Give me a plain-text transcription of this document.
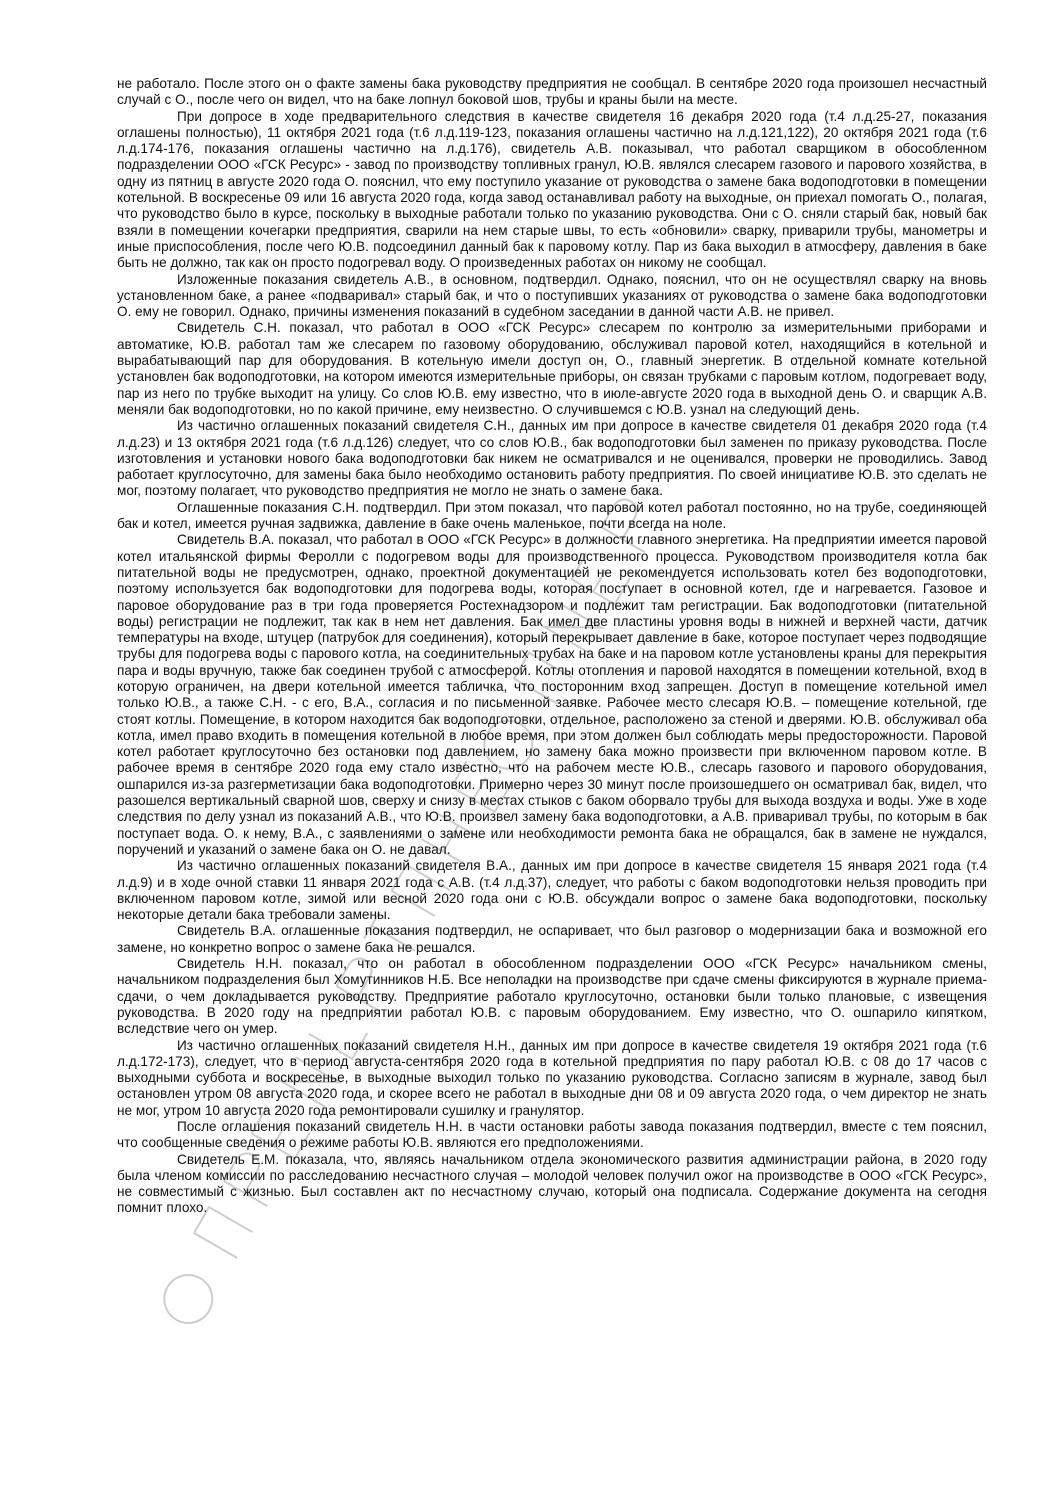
не работало. После этого он о факте замены бака руководству предприятия не сообщал. В сентябре 2020 года произошел несчастный случай с О., после чего он видел, что на баке лопнул боковой шов, трубы и краны были на месте.

При допросе в ходе предварительного следствия в качестве свидетеля 16 декабря 2020 года (т.4 л.д.25-27, показания оглашены полностью), 11 октября 2021 года (т.6 л.д.119-123, показания оглашены частично на л.д.121,122), 20 октября 2021 года (т.6 л.д.174-176, показания оглашены частично на л.д.176), свидетель А.В. показывал, что работал сварщиком в обособленном подразделении ООО «ГСК Ресурс» - завод по производству топливных гранул, Ю.В. являлся слесарем газового и парового хозяйства, в одну из пятниц в августе 2020 года О. пояснил, что ему поступило указание от руководства о замене бака водоподготовки в помещении котельной. В воскресенье 09 или 16 августа 2020 года, когда завод останавливал работу на выходные, он приехал помогать О., полагая, что руководство было в курсе, поскольку в выходные работали только по указанию руководства. Они с О. сняли старый бак, новый бак взяли в помещении кочегарки предприятия, сварили на нем старые швы, то есть «обновили» сварку, приварили трубы, манометры и иные приспособления, после чего Ю.В. подсоединил данный бак к паровому котлу. Пар из бака выходил в атмосферу, давления в баке быть не должно, так как он просто подогревал воду. О произведенных работах он никому не сообщал.

Изложенные показания свидетель А.В., в основном, подтвердил. Однако, пояснил, что он не осуществлял сварку на вновь установленном баке, а ранее «подваривал» старый бак, и что о поступивших указаниях от руководства о замене бака водоподготовки О. ему не говорил. Однако, причины изменения показаний в судебном заседании в данной части А.В. не привел.

Свидетель С.Н. показал, что работал в ООО «ГСК Ресурс» слесарем по контролю за измерительными приборами и автоматике, Ю.В. работал там же слесарем по газовому оборудованию, обслуживал паровой котел, находящийся в котельной и вырабатывающий пар для оборудования. В котельную имели доступ он, О., главный энергетик. В отдельной комнате котельной установлен бак водоподготовки, на котором имеются измерительные приборы, он связан трубками с паровым котлом, подогревает воду, пар из него по трубке выходит на улицу. Со слов Ю.В. ему известно, что в июле-августе 2020 года в выходной день О. и сварщик А.В. меняли бак водоподготовки, но по какой причине, ему неизвестно. О случившемся с Ю.В. узнал на следующий день.

Из частично оглашенных показаний свидетеля С.Н., данных им при допросе в качестве свидетеля 01 декабря 2020 года (т.4 л.д.23) и 13 октября 2021 года (т.6 л.д.126) следует, что со слов Ю.В., бак водоподготовки был заменен по приказу руководства. После изготовления и установки нового бака водоподготовки бак никем не осматривался и не оценивался, проверки не проводились. Завод работает круглосуточно, для замены бака было необходимо остановить работу предприятия. По своей инициативе Ю.В. это сделать не мог, поэтому полагает, что руководство предприятия не могло не знать о замене бака.

Оглашенные показания С.Н. подтвердил. При этом показал, что паровой котел работал постоянно, но на трубе, соединяющей бак и котел, имеется ручная задвижка, давление в баке очень маленькое, почти всегда на ноле.

Свидетель В.А. показал, что работал в ООО «ГСК Ресурс» в должности главного энергетика. На предприятии имеется паровой котел итальянской фирмы Феролли с подогревом воды для производственного процесса. Руководством производителя котла бак питательной воды не предусмотрен, однако, проектной документацией не рекомендуется использовать котел без водоподготовки, поэтому используется бак водоподготовки для подогрева воды, которая поступает в основной котел, где и нагревается. Газовое и паровое оборудование раз в три года проверяется Ростехнадзором и подлежит там регистрации. Бак водоподготовки (питательной воды) регистрации не подлежит, так как в нем нет давления. Бак имел две пластины уровня воды в нижней и верхней части, датчик температуры на входе, штуцер (патрубок для соединения), который перекрывает давление в баке, которое поступает через подводящие трубы для подогрева воды с парового котла, на соединительных трубах на баке и на паровом котле установлены краны для перекрытия пара и воды вручную, также бак соединен трубой с атмосферой. Котлы отопления и паровой находятся в помещении котельной, вход в которую ограничен, на двери котельной имеется табличка, что посторонним вход запрещен. Доступ в помещение котельной имел только Ю.В., а также С.Н. - с его, В.А., согласия и по письменной заявке. Рабочее место слесаря Ю.В. – помещение котельной, где стоят котлы. Помещение, в котором находится бак водоподготовки, отдельное, расположено за стеной и дверями. Ю.В. обслуживал оба котла, имел право входить в помещения котельной в любое время, при этом должен был соблюдать меры предосторожности. Паровой котел работает круглосуточно без остановки под давлением, но замену бака можно произвести при включенном паровом котле. В рабочее время в сентябре 2020 года ему стало известно, что на рабочем месте Ю.В., слесарь газового и парового оборудования, ошпарился из-за разгерметизации бака водоподготовки. Примерно через 30 минут после произошедшего он осматривал бак, видел, что разошелся вертикальный сварной шов, сверху и снизу в местах стыков с баком оборвало трубы для выхода воздуха и воды. Уже в ходе следствия по делу узнал из показаний А.В., что Ю.В. произвел замену бака водоподготовки, а А.В. приваривал трубы, по которым в бак поступает вода. О. к нему, В.А., с заявлениями о замене или необходимости ремонта бака не обращался, бак в замене не нуждался, поручений и указаний о замене бака он О. не давал.

Из частично оглашенных показаний свидетеля В.А., данных им при допросе в качестве свидетеля 15 января 2021 года (т.4 л.д.9) и в ходе очной ставки 11 января 2021 года с А.В. (т.4 л.д.37), следует, что работы с баком водоподготовки нельзя проводить при включенном паровом котле, зимой или весной 2020 года они с Ю.В. обсуждали вопрос о замене бака водоподготовки, поскольку некоторые детали бака требовали замены.

Свидетель В.А. оглашенные показания подтвердил, не оспаривает, что был разговор о модернизации бака и возможной его замене, но конкретно вопрос о замене бака не решался.

Свидетель Н.Н. показал, что он работал в обособленном подразделении ООО «ГСК Ресурс» начальником смены, начальником подразделения был Хомутинников Н.Б. Все неполадки на производстве при сдаче смены фиксируются в журнале приема-сдачи, о чем докладывается руководству. Предприятие работало круглосуточно, остановки были только плановые, с извещения руководства. В 2020 году на предприятии работал Ю.В. с паровым оборудованием. Ему известно, что О. ошпарило кипятком, вследствие чего он умер.

Из частично оглашенных показаний свидетеля Н.Н., данных им при допросе в качестве свидетеля 19 октября 2021 года (т.6 л.д.172-173), следует, что в период августа-сентября 2020 года в котельной предприятия по пару работал Ю.В. с 08 до 17 часов с выходными суббота и воскресенье, в выходные выходил только по указанию руководства. Согласно записям в журнале, завод был остановлен утром 08 августа 2020 года, и скорее всего не работал в выходные дни 08 и 09 августа 2020 года, о чем директор не знать не мог, утром 10 августа 2020 года ремонтировали сушилку и гранулятор.

После оглашения показаний свидетель Н.Н. в части остановки работы завода показания подтвердил, вместе с тем пояснил, что сообщенные сведения о режиме работы Ю.В. являются его предположениями.

Свидетель Е.М. показала, что, являясь начальником отдела экономического развития администрации района, в 2020 году была членом комиссии по расследованию несчастного случая – молодой человек получил ожог на производстве в ООО «ГСК Ресурс», не совместимый с жизнью. Был составлен акт по несчастному случаю, который она подписала. Содержание документа на сегодня помнит плохо.
